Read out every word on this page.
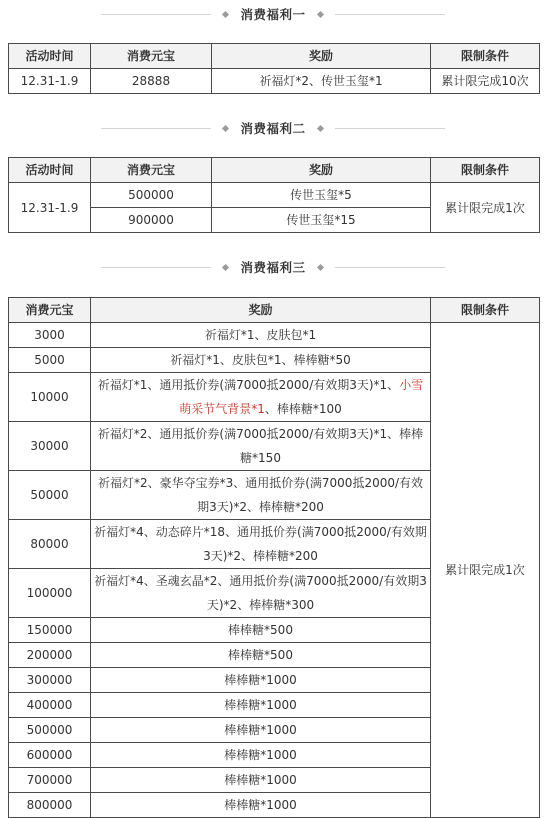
消费福利一
活动时间	消费元宝	奖励	限制条件
12.31-1.9	28888	祈福灯*2、传世玉玺*1	累计限完成10次
消费福利二
活动时间	消费元宝	奖励	限制条件
12.31-1.9	500000	传世玉玺*5	累计限完成1次
	900000	传世玉玺*15	
消费福利三
消费元宝	奖励	限制条件
3000	祈福灯*1、皮肤包*1	累计限完成1次
5000	祈福灯*1、皮肤包*1、棒棒糖*50	
10000	祈福灯*1、通用抵价券(满7000抵2000/有效期3天)*1、小雪萌采节气背景*1、棒棒糖*100	
30000	祈福灯*2、通用抵价券(满7000抵2000/有效期3天)*1、棒棒糖*150	
50000	祈福灯*2、豪华夺宝券*3、通用抵价券(满7000抵2000/有效期3天)*2、棒棒糖*200	
80000	祈福灯*4、动态碎片*18、通用抵价券(满7000抵2000/有效期3天)*2、棒棒糖*200	
100000	祈福灯*4、圣魂玄晶*2、通用抵价券(满7000抵2000/有效期3天)*2、棒棒糖*300	
150000	棒棒糖*500	
200000	棒棒糖*500	
300000	棒棒糖*1000	
400000	棒棒糖*1000	
500000	棒棒糖*1000	
600000	棒棒糖*1000	
700000	棒棒糖*1000	
800000	棒棒糖*1000	
